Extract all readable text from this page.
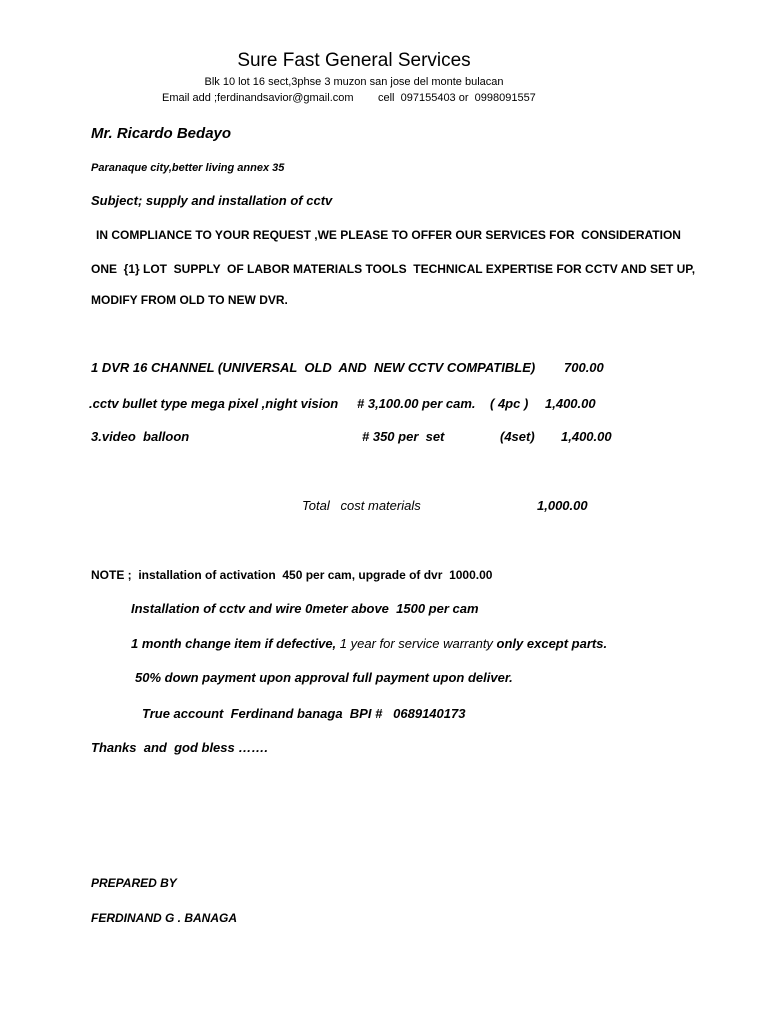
Sure Fast General Services
Blk 10 lot 16 sect,3phse 3 muzon san jose del monte bulacan
Email add ;ferdinandsavior@gmail.com cell  097155403 or  0998091557
Mr. Ricardo Bedayo
Paranaque city,better living annex 35
Subject; supply and installation of cctv
IN COMPLIANCE TO YOUR REQUEST ,WE PLEASE TO OFFER OUR SERVICES FOR  CONSIDERATION
ONE  {1} LOT  SUPPLY  OF LABOR MATERIALS TOOLS  TECHNICAL EXPERTISE FOR CCTV AND SET UP,
MODIFY FROM OLD TO NEW DVR.
1 DVR 16 CHANNEL (UNIVERSAL  OLD  AND  NEW CCTV COMPATIBLE) 700.00
.cctv bullet type mega pixel ,night vision # 3,100.00 per cam. ( 4pc ) 1,400.00
3.video  balloon	# 350 per  set	(4set) 1,400.00
Total   cost materials	1,000.00
NOTE ;  installation of activation  450 per cam, upgrade of dvr  1000.00
Installation of cctv and wire 0meter above  1500 per cam
1 month change item if defective, 1 year for service warranty only except parts.
50% down payment upon approval full payment upon deliver.
True account  Ferdinand banaga  BPI #   0689140173
Thanks  and  god bless …….
PREPARED BY
FERDINAND G . BANAGA
